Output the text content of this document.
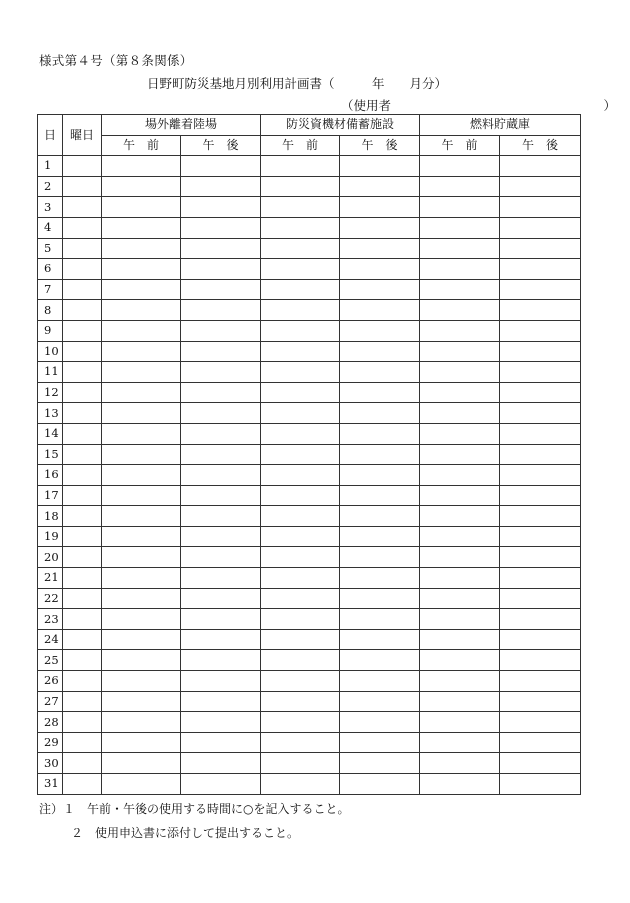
様式第４号（第８条関係）
日野町防災基地月別利用計画書（　　　年　　月分）
（使用者　　　　　　　　　　　　　　　　　）
日	曜日	場外離着陸場		防災資機材備蓄施設		燃料貯蔵庫	
		午　前	午　後	午　前	午　後	午　前	午　後
1							
2							
3							
4							
5							
6							
7							
8							
9							
10							
11							
12							
13							
14							
15							
16							
17							
18							
19							
20							
21							
22							
23							
24							
25							
26							
27							
28							
29							
30							
31							
注）１　午前・午後の使用する時間に○を記入すること。
２　使用申込書に添付して提出すること。
